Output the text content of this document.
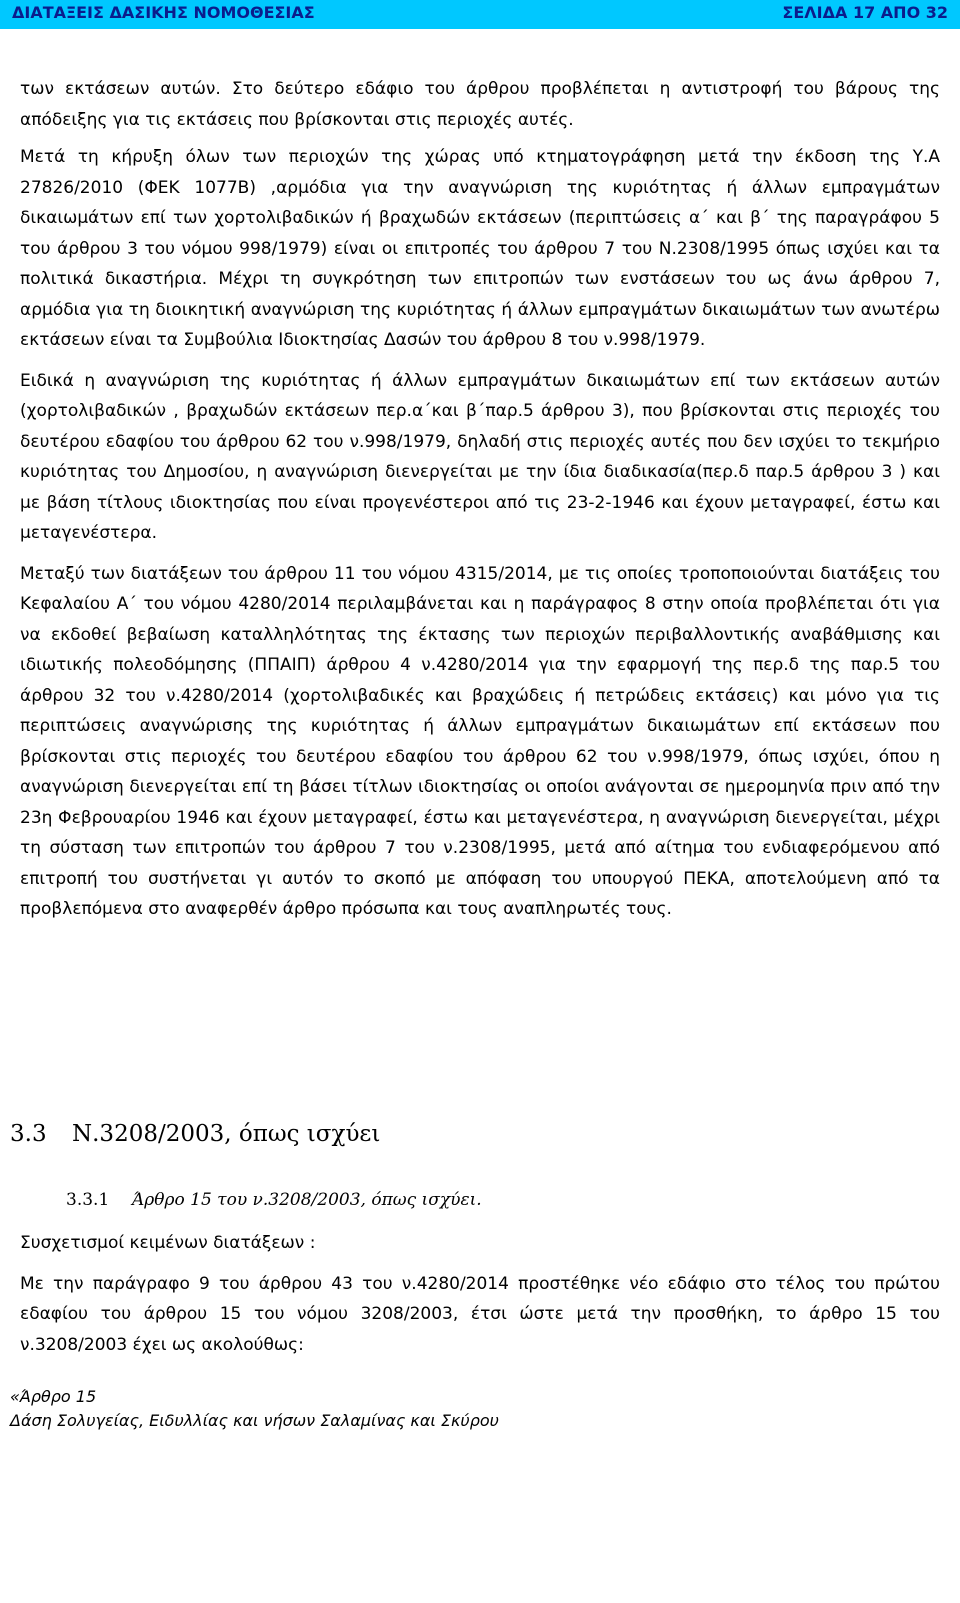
ΔΙΑΤΑΞΕΙΣ ΔΑΣΙΚΗΣ ΝΟΜΟΘΕΣΙΑΣ	ΣΕΛΙΔΑ 17 ΑΠΟ 32

των εκτάσεων αυτών. Στο δεύτερο εδάφιο του άρθρου προβλέπεται η αντιστροφή του βάρους της απόδειξης για τις εκτάσεις που βρίσκονται στις περιοχές αυτές.

Μετά τη κήρυξη όλων των περιοχών της χώρας υπό κτηματογράφηση μετά την έκδοση της Υ.Α 27826/2010 (ΦΕΚ 1077Β) ,αρμόδια για την αναγνώριση της κυριότητας ή άλλων εμπραγμάτων δικαιωμάτων επί των χορτολιβαδικών ή βραχωδών εκτάσεων (περιπτώσεις α΄ και β΄ της παραγράφου 5 του άρθρου 3 του νόμου 998/1979) είναι οι επιτροπές του άρθρου 7 του Ν.2308/1995 όπως ισχύει και τα πολιτικά δικαστήρια. Μέχρι τη συγκρότηση των επιτροπών των ενστάσεων του ως άνω άρθρου 7, αρμόδια για τη διοικητική αναγνώριση της κυριότητας ή άλλων εμπραγμάτων δικαιωμάτων των ανωτέρω εκτάσεων είναι τα Συμβούλια Ιδιοκτησίας Δασών του άρθρου 8 του ν.998/1979.

Ειδικά η αναγνώριση της κυριότητας ή άλλων εμπραγμάτων δικαιωμάτων επί των εκτάσεων αυτών (χορτολιβαδικών , βραχωδών εκτάσεων περ.α΄και β΄παρ.5 άρθρου 3), που βρίσκονται στις περιοχές του δευτέρου εδαφίου του άρθρου 62 του ν.998/1979, δηλαδή στις περιοχές αυτές που δεν ισχύει το τεκμήριο κυριότητας του Δημοσίου, η αναγνώριση διενεργείται με την ίδια διαδικασία(περ.δ παρ.5 άρθρου 3 ) και με βάση τίτλους ιδιοκτησίας που είναι προγενέστεροι από τις 23-2-1946 και έχουν μεταγραφεί, έστω και μεταγενέστερα.

Μεταξύ των διατάξεων του άρθρου 11 του νόμου 4315/2014, με τις οποίες τροποποιούνται διατάξεις του Κεφαλαίου Α΄ του νόμου 4280/2014 περιλαμβάνεται και η παράγραφος 8 στην οποία προβλέπεται ότι για να εκδοθεί βεβαίωση καταλληλότητας της έκτασης των περιοχών περιβαλλοντικής αναβάθμισης και ιδιωτικής πολεοδόμησης (ΠΠΑΙΠ) άρθρου 4 ν.4280/2014 για την εφαρμογή της περ.δ της παρ.5 του άρθρου 32 του ν.4280/2014 (χορτολιβαδικές και βραχώδεις ή πετρώδεις εκτάσεις) και μόνο για τις περιπτώσεις αναγνώρισης της κυριότητας ή άλλων εμπραγμάτων δικαιωμάτων επί εκτάσεων που βρίσκονται στις περιοχές του δευτέρου εδαφίου του άρθρου 62 του ν.998/1979, όπως ισχύει, όπου η αναγνώριση διενεργείται επί τη βάσει τίτλων ιδιοκτησίας οι οποίοι ανάγονται σε ημερομηνία πριν από την 23η Φεβρουαρίου 1946 και έχουν μεταγραφεί, έστω και μεταγενέστερα, η αναγνώριση διενεργείται, μέχρι τη σύσταση των επιτροπών του άρθρου 7 του ν.2308/1995, μετά από αίτημα του ενδιαφερόμενου από επιτροπή του συστήνεται γι αυτόν το σκοπό με απόφαση του υπουργού ΠΕΚΑ, αποτελούμενη από τα προβλεπόμενα στο αναφερθέν άρθρο πρόσωπα και τους αναπληρωτές τους.

3.3 Ν.3208/2003, όπως ισχύει
3.3.1 Άρθρο 15 του ν.3208/2003, όπως ισχύει.

Συσχετισμοί κειμένων διατάξεων :

Με την παράγραφο 9 του άρθρου 43 του ν.4280/2014 προστέθηκε νέο εδάφιο στο τέλος του πρώτου εδαφίου του άρθρου 15 του νόμου 3208/2003, έτσι ώστε μετά την προσθήκη, το άρθρο 15 του ν.3208/2003 έχει ως ακολούθως:

«Άρθρο 15
Δάση Σολυγείας, Ειδυλλίας και νήσων Σαλαμίνας και Σκύρου
